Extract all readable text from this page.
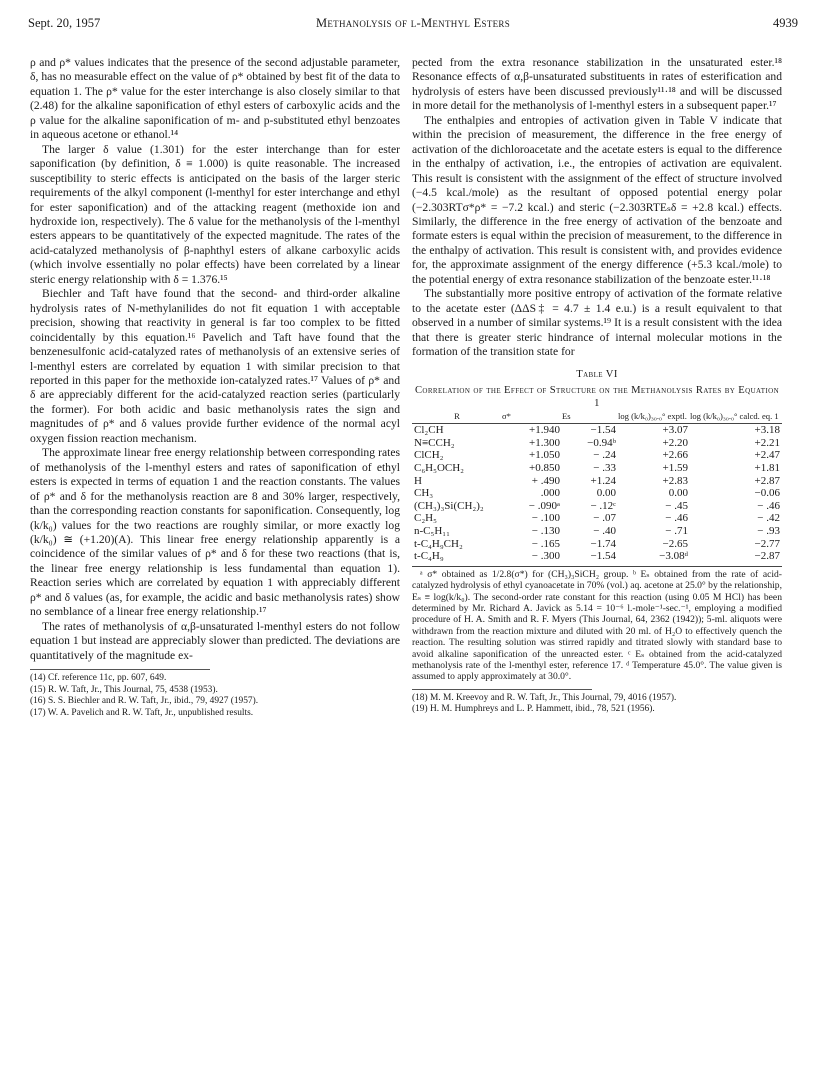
Sept. 20, 1957	Methanolysis of l-Menthyl Esters	4939

ρ and ρ* values indicates that the presence of the second adjustable parameter, δ, has no measurable effect on the value of ρ* obtained by best fit of the data to equation 1. The ρ* value for the ester interchange is also closely similar to that (2.48) for the alkaline saponification of ethyl esters of carboxylic acids and the ρ value for the alkaline saponification of m- and p-substituted ethyl benzoates in aqueous acetone or ethanol.¹⁴

The larger δ value (1.301) for the ester interchange than for ester saponification (by definition, δ ≡ 1.000) is quite reasonable. The increased susceptibility to steric effects is anticipated on the basis of the larger steric requirements of the alkyl component (l-menthyl for ester interchange and ethyl for ester saponification) and of the attacking reagent (methoxide ion and hydroxide ion, respectively). The δ value for the methanolysis of the l-menthyl esters appears to be quantitatively of the expected magnitude. The rates of the acid-catalyzed methanolysis of β-naphthyl esters of alkane carboxylic acids (which involve essentially no polar effects) have been correlated by a linear steric energy relationship with δ = 1.376.¹⁵

Biechler and Taft have found that the second- and third-order alkaline hydrolysis rates of N-methylanilides do not fit equation 1 with acceptable precision, showing that reactivity in general is far too complex to be fitted coincidentally by this equation.¹⁶ Pavelich and Taft have found that the benzenesulfonic acid-catalyzed rates of methanolysis of an extensive series of l-menthyl esters are correlated by equation 1 with similar precision to that reported in this paper for the methoxide ion-catalyzed rates.¹⁷ Values of ρ* and δ are appreciably different for the acid-catalyzed reaction series (particularly the former). For both acidic and basic methanolysis rates the sign and magnitudes of ρ* and δ values provide further evidence of the normal acyl oxygen fission reaction mechanism.

The approximate linear free energy relationship between corresponding rates of methanolysis of the l-menthyl esters and rates of saponification of ethyl esters is expected in terms of equation 1 and the reaction constants. The values of ρ* and δ for the methanolysis reaction are 8 and 30% larger, respectively, than the corresponding reaction constants for saponification. Consequently, log (k/k₀) values for the two reactions are roughly similar, or more exactly log (k/k₀) ≅ (+1.20)(A). This linear free energy relationship apparently is a coincidence of the similar values of ρ* and δ for these two reactions (that is, the linear free energy relationship is less fundamental than equation 1). Reaction series which are correlated by equation 1 with appreciably different ρ* and δ values (as, for example, the acidic and basic methanolysis rates) show no semblance of a linear free energy relationship.¹⁷

The rates of methanolysis of α,β-unsaturated l-menthyl esters do not follow equation 1 but instead are appreciably slower than predicted. The deviations are quantitatively of the magnitude ex-

(14) Cf. reference 11c, pp. 607, 649.
(15) R. W. Taft, Jr., This Journal, 75, 4538 (1953).
(16) S. S. Biechler and R. W. Taft, Jr., ibid., 79, 4927 (1957).
(17) W. A. Pavelich and R. W. Taft, Jr., unpublished results.

pected from the extra resonance stabilization in the unsaturated ester.¹⁸ Resonance effects of α,β-unsaturated substituents in rates of esterification and hydrolysis of esters have been discussed previously¹¹·¹⁸ and will be discussed in more detail for the methanolysis of l-menthyl esters in a subsequent paper.¹⁷

The enthalpies and entropies of activation given in Table V indicate that within the precision of measurement, the difference in the free energy of activation of the dichloroacetate and the acetate esters is equal to the difference in the enthalpy of activation, i.e., the entropies of activation are equivalent. This result is consistent with the assignment of the effect of structure involved (−4.5 kcal./mole) as the resultant of opposed potential energy polar (−2.303RTσ*ρ* = −7.2 kcal.) and steric (−2.303RTEₛδ = +2.8 kcal.) effects. Similarly, the difference in the free energy of activation of the benzoate and formate esters is equal within the precision of measurement, to the difference in the enthalpy of activation. This result is consistent with, and provides evidence for, the approximate assignment of the energy difference (+5.3 kcal./mole) to the potential energy of extra resonance stabilization of the benzoate ester.¹¹·¹⁸

The substantially more positive entropy of activation of the formate relative to the acetate ester (ΔΔS‡ = 4.7 ± 1.4 e.u.) is a result equivalent to that observed in a number of similar systems.¹⁹ It is a result consistent with the idea that there is greater steric hindrance of internal molecular motions in the formation of the transition state for

Table VI
Correlation of the Effect of Structure on the Methanolysis Rates by Equation 1
R	σ*	Es	log (k/k₀)₃₀.₀° exptl.	log (k/k₀)₃₀.₀° calcd. eq. 1
Cl₂CH	+1.940	−1.54	+3.07	+3.18
N≡CCH₂	+1.300	−0.94ᵇ	+2.20	+2.21
ClCH₂	+1.050	− .24	+2.66	+2.47
C₆H₅OCH₂	+0.850	− .33	+1.59	+1.81
H	+ .490	+1.24	+2.83	+2.87
CH₃	.000	0.00	0.00	−0.06
(CH₃)₃Si(CH₂)₂	− .090ᵃ	− .12ᶜ	− .45	− .46
C₂H₅	− .100	− .07	− .46	− .42
n-C₅H₁₁	− .130	− .40	− .71	− .93
t-C₄H₉CH₂	− .165	−1.74	−2.65	−2.77
t-C₄H₉	− .300	−1.54	−3.08ᵈ	−2.87

ᵃ σ* obtained as 1/2.8(σ*) for (CH₃)₃SiCH₂ group. ᵇ Eₛ obtained from the rate of acid-catalyzed hydrolysis of ethyl cyanoacetate in 70% (vol.) aq. acetone at 25.0° by the relationship, Eₛ ≡ log(k/k₀). The second-order rate constant for this reaction (using 0.05 M HCl) has been determined by Mr. Richard A. Javick as 5.14 = 10⁻⁶ l.-mole⁻¹-sec.⁻¹, employing a modified procedure of H. A. Smith and R. F. Myers (This Journal, 64, 2362 (1942)); 5-ml. aliquots were withdrawn from the reaction mixture and diluted with 20 ml. of H₂O to effectively quench the reaction. The resulting solution was stirred rapidly and titrated slowly with standard base to avoid alkaline saponification of the unreacted ester. ᶜ Eₛ obtained from the acid-catalyzed methanolysis rate of the l-menthyl ester, reference 17. ᵈ Temperature 45.0°. The value given is assumed to apply approximately at 30.0°.

(18) M. M. Kreevoy and R. W. Taft, Jr., This Journal, 79, 4016 (1957).
(19) H. M. Humphreys and L. P. Hammett, ibid., 78, 521 (1956).
